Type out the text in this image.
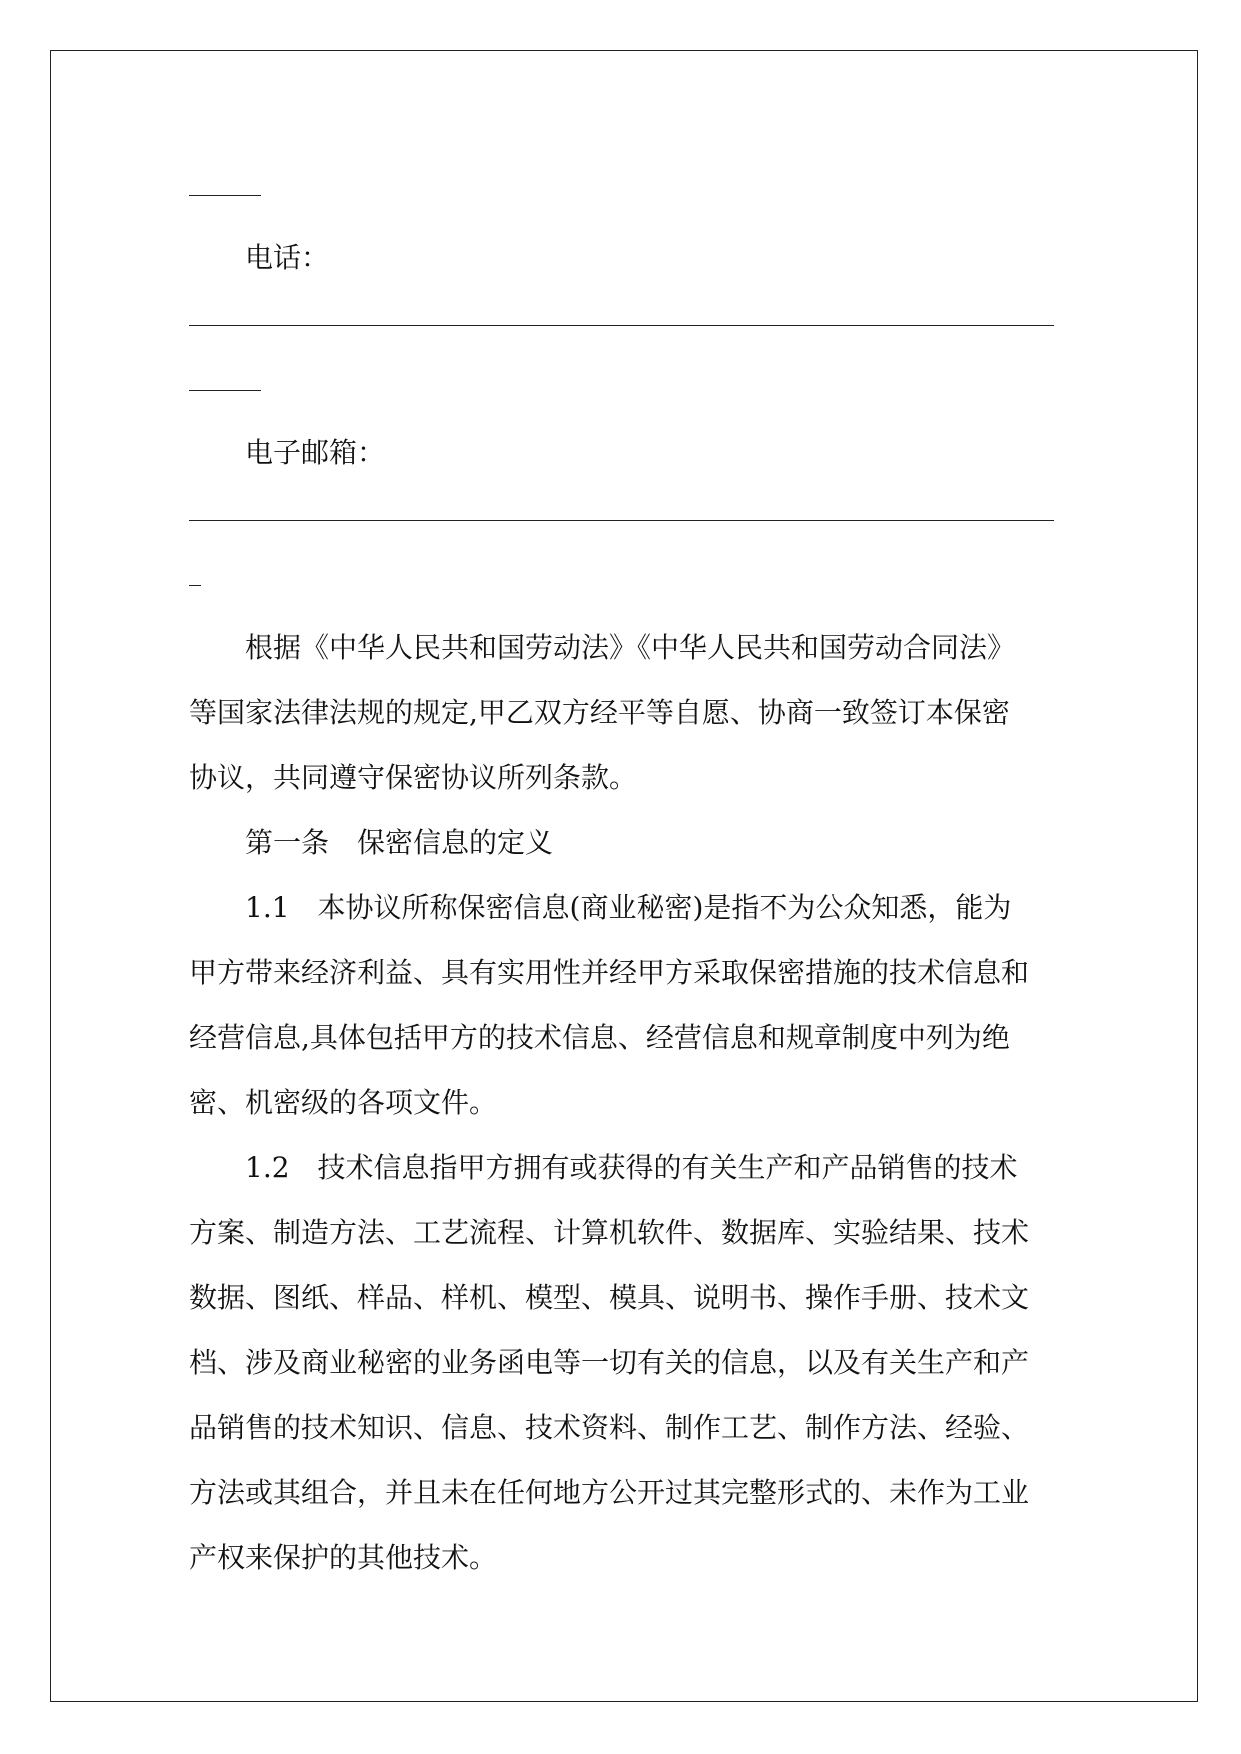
电话：
电子邮箱：
根据《中华人民共和国劳动法》《中华人民共和国劳动合同法》
等国家法律法规的规定,甲乙双方经平等自愿、协商一致签订本保密
协议，共同遵守保密协议所列条款。
第一条　保密信息的定义
1.1　本协议所称保密信息(商业秘密)是指不为公众知悉，能为
甲方带来经济利益、具有实用性并经甲方采取保密措施的技术信息和
经营信息,具体包括甲方的技术信息、经营信息和规章制度中列为绝
密、机密级的各项文件。
1.2　技术信息指甲方拥有或获得的有关生产和产品销售的技术
方案、制造方法、工艺流程、计算机软件、数据库、实验结果、技术
数据、图纸、样品、样机、模型、模具、说明书、操作手册、技术文
档、涉及商业秘密的业务函电等一切有关的信息，以及有关生产和产
品销售的技术知识、信息、技术资料、制作工艺、制作方法、经验、
方法或其组合，并且未在任何地方公开过其完整形式的、未作为工业
产权来保护的其他技术。
